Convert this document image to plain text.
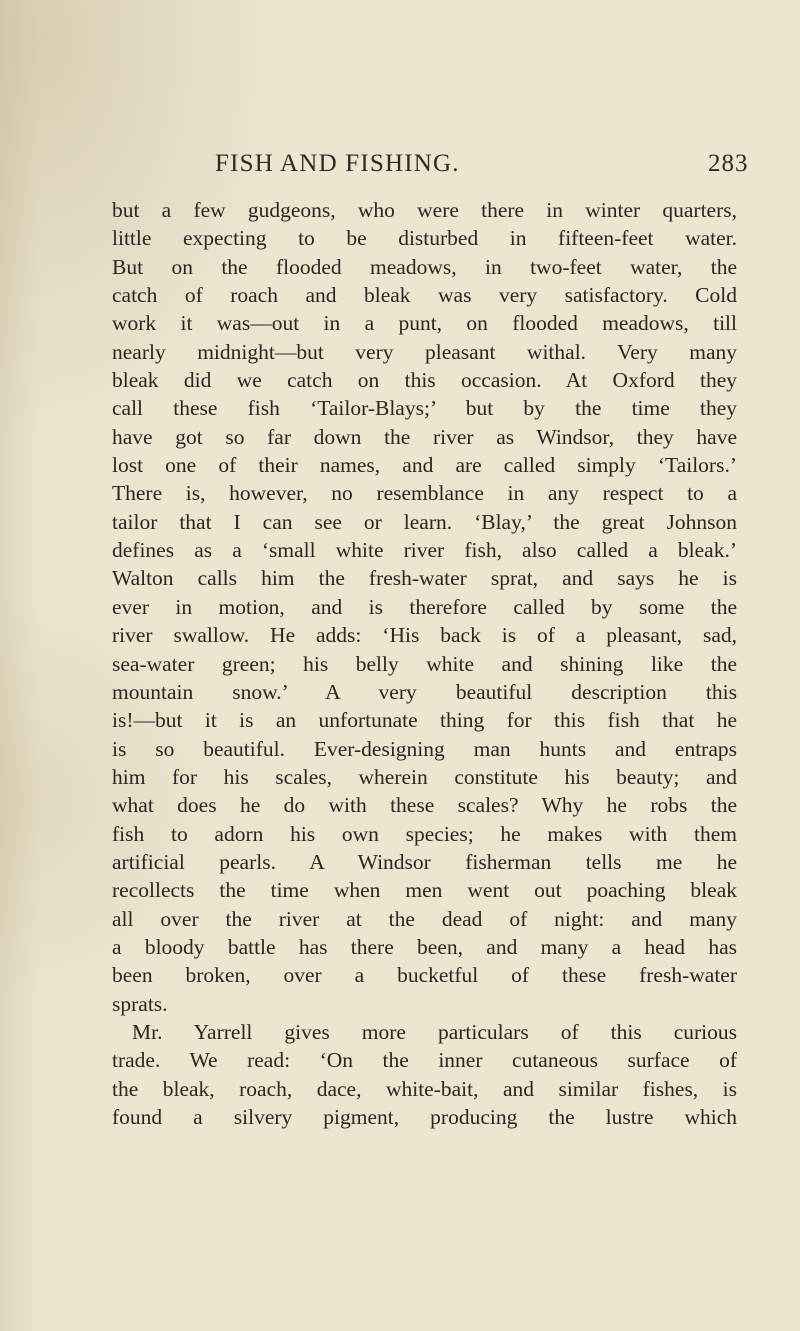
FISH AND FISHING.	283
but a few gudgeons, who were there in winter quarters,
little expecting to be disturbed in fifteen-feet water.
But on the flooded meadows, in two-feet water, the
catch of roach and bleak was very satisfactory. Cold
work it was—out in a punt, on flooded meadows, till
nearly midnight—but very pleasant withal. Very many
bleak did we catch on this occasion. At Oxford they
call these fish ‘Tailor-Blays;’ but by the time they
have got so far down the river as Windsor, they have
lost one of their names, and are called simply ‘Tailors.’
There is, however, no resemblance in any respect to a
tailor that I can see or learn. ‘Blay,’ the great Johnson
defines as a ‘small white river fish, also called a bleak.’
Walton calls him the fresh-water sprat, and says he is
ever in motion, and is therefore called by some the
river swallow. He adds: ‘His back is of a pleasant, sad,
sea-water green; his belly white and shining like the
mountain snow.’ A very beautiful description this
is!—but it is an unfortunate thing for this fish that he
is so beautiful. Ever-designing man hunts and entraps
him for his scales, wherein constitute his beauty; and
what does he do with these scales? Why he robs the
fish to adorn his own species; he makes with them
artificial pearls. A Windsor fisherman tells me he
recollects the time when men went out poaching bleak
all over the river at the dead of night: and many
a bloody battle has there been, and many a head has
been broken, over a bucketful of these fresh-water
sprats.
Mr. Yarrell gives more particulars of this curious
trade. We read: ‘On the inner cutaneous surface of
the bleak, roach, dace, white-bait, and similar fishes, is
found a silvery pigment, producing the lustre which
